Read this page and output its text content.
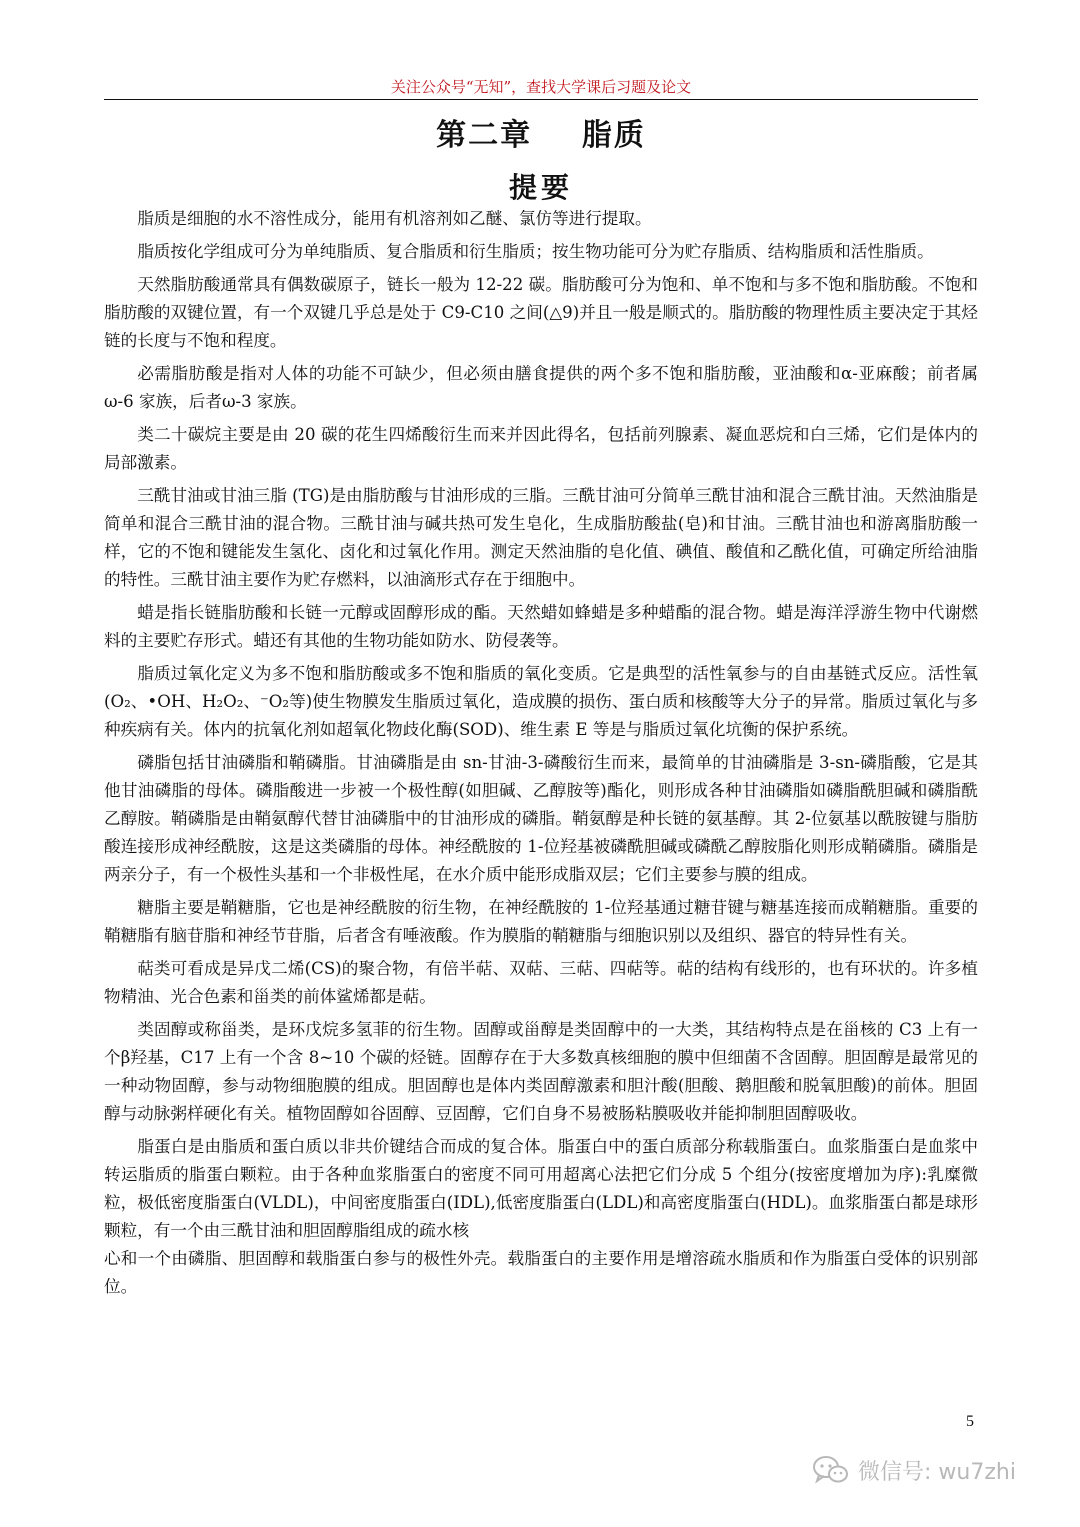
关注公众号“无知”，查找大学课后习题及论文
第二章    脂质
提要

脂质是细胞的水不溶性成分，能用有机溶剂如乙醚、氯仿等进行提取。

脂质按化学组成可分为单纯脂质、复合脂质和衍生脂质；按生物功能可分为贮存脂质、结构脂质和活性脂质。

天然脂肪酸通常具有偶数碳原子，链长一般为 12-22 碳。脂肪酸可分为饱和、单不饱和与多不饱和脂肪酸。不饱和脂肪酸的双键位置，有一个双键几乎总是处于 C9-C10 之间(△9)并且一般是顺式的。脂肪酸的物理性质主要决定于其烃链的长度与不饱和程度。

必需脂肪酸是指对人体的功能不可缺少，但必须由膳食提供的两个多不饱和脂肪酸，亚油酸和α-亚麻酸；前者属ω-6 家族，后者ω-3 家族。

类二十碳烷主要是由 20 碳的花生四烯酸衍生而来并因此得名，包括前列腺素、凝血恶烷和白三烯，它们是体内的局部激素。

三酰甘油或甘油三脂 (TG)是由脂肪酸与甘油形成的三脂。三酰甘油可分简单三酰甘油和混合三酰甘油。天然油脂是简单和混合三酰甘油的混合物。三酰甘油与碱共热可发生皂化，生成脂肪酸盐(皂)和甘油。三酰甘油也和游离脂肪酸一样，它的不饱和键能发生氢化、卤化和过氧化作用。测定天然油脂的皂化值、碘值、酸值和乙酰化值，可确定所给油脂的特性。三酰甘油主要作为贮存燃料，以油滴形式存在于细胞中。

蜡是指长链脂肪酸和长链一元醇或固醇形成的酯。天然蜡如蜂蜡是多种蜡酯的混合物。蜡是海洋浮游生物中代谢燃料的主要贮存形式。蜡还有其他的生物功能如防水、防侵袭等。

脂质过氧化定义为多不饱和脂肪酸或多不饱和脂质的氧化变质。它是典型的活性氧参与的自由基链式反应。活性氧(O₂、•OH、H₂O₂、⁻O₂等)使生物膜发生脂质过氧化，造成膜的损伤、蛋白质和核酸等大分子的异常。脂质过氧化与多种疾病有关。体内的抗氧化剂如超氧化物歧化酶(SOD)、维生素 E 等是与脂质过氧化坑衡的保护系统。

磷脂包括甘油磷脂和鞘磷脂。甘油磷脂是由 sn-甘油-3-磷酸衍生而来，最简单的甘油磷脂是 3-sn-磷脂酸，它是其他甘油磷脂的母体。磷脂酸进一步被一个极性醇(如胆碱、乙醇胺等)酯化，则形成各种甘油磷脂如磷脂酰胆碱和磷脂酰乙醇胺。鞘磷脂是由鞘氨醇代替甘油磷脂中的甘油形成的磷脂。鞘氨醇是种长链的氨基醇。其 2-位氨基以酰胺键与脂肪酸连接形成神经酰胺，这是这类磷脂的母体。神经酰胺的 1-位羟基被磷酰胆碱或磷酰乙醇胺脂化则形成鞘磷脂。磷脂是两亲分子，有一个极性头基和一个非极性尾，在水介质中能形成脂双层；它们主要参与膜的组成。

糖脂主要是鞘糖脂，它也是神经酰胺的衍生物，在神经酰胺的 1-位羟基通过糖苷键与糖基连接而成鞘糖脂。重要的鞘糖脂有脑苷脂和神经节苷脂，后者含有唾液酸。作为膜脂的鞘糖脂与细胞识别以及组织、器官的特异性有关。

萜类可看成是异戊二烯(CS)的聚合物，有倍半萜、双萜、三萜、四萜等。萜的结构有线形的，也有环状的。许多植物精油、光合色素和甾类的前体鲨烯都是萜。

类固醇或称甾类，是环戊烷多氢菲的衍生物。固醇或甾醇是类固醇中的一大类，其结构特点是在甾核的 C3 上有一个β羟基，C17 上有一个含 8~10 个碳的烃链。固醇存在于大多数真核细胞的膜中但细菌不含固醇。胆固醇是最常见的一种动物固醇，参与动物细胞膜的组成。胆固醇也是体内类固醇激素和胆汁酸(胆酸、鹅胆酸和脱氧胆酸)的前体。胆固醇与动脉粥样硬化有关。植物固醇如谷固醇、豆固醇，它们自身不易被肠粘膜吸收并能抑制胆固醇吸收。

脂蛋白是由脂质和蛋白质以非共价键结合而成的复合体。脂蛋白中的蛋白质部分称载脂蛋白。血浆脂蛋白是血浆中转运脂质的脂蛋白颗粒。由于各种血浆脂蛋白的密度不同可用超离心法把它们分成 5 个组分(按密度增加为序):乳糜微粒，极低密度脂蛋白(VLDL)，中间密度脂蛋白(IDL),低密度脂蛋白(LDL)和高密度脂蛋白(HDL)。血浆脂蛋白都是球形颗粒，有一个由三酰甘油和胆固醇脂组成的疏水核

心和一个由磷脂、胆固醇和载脂蛋白参与的极性外壳。载脂蛋白的主要作用是增溶疏水脂质和作为脂蛋白受体的识别部位。

5
微信号: wu7zhi
